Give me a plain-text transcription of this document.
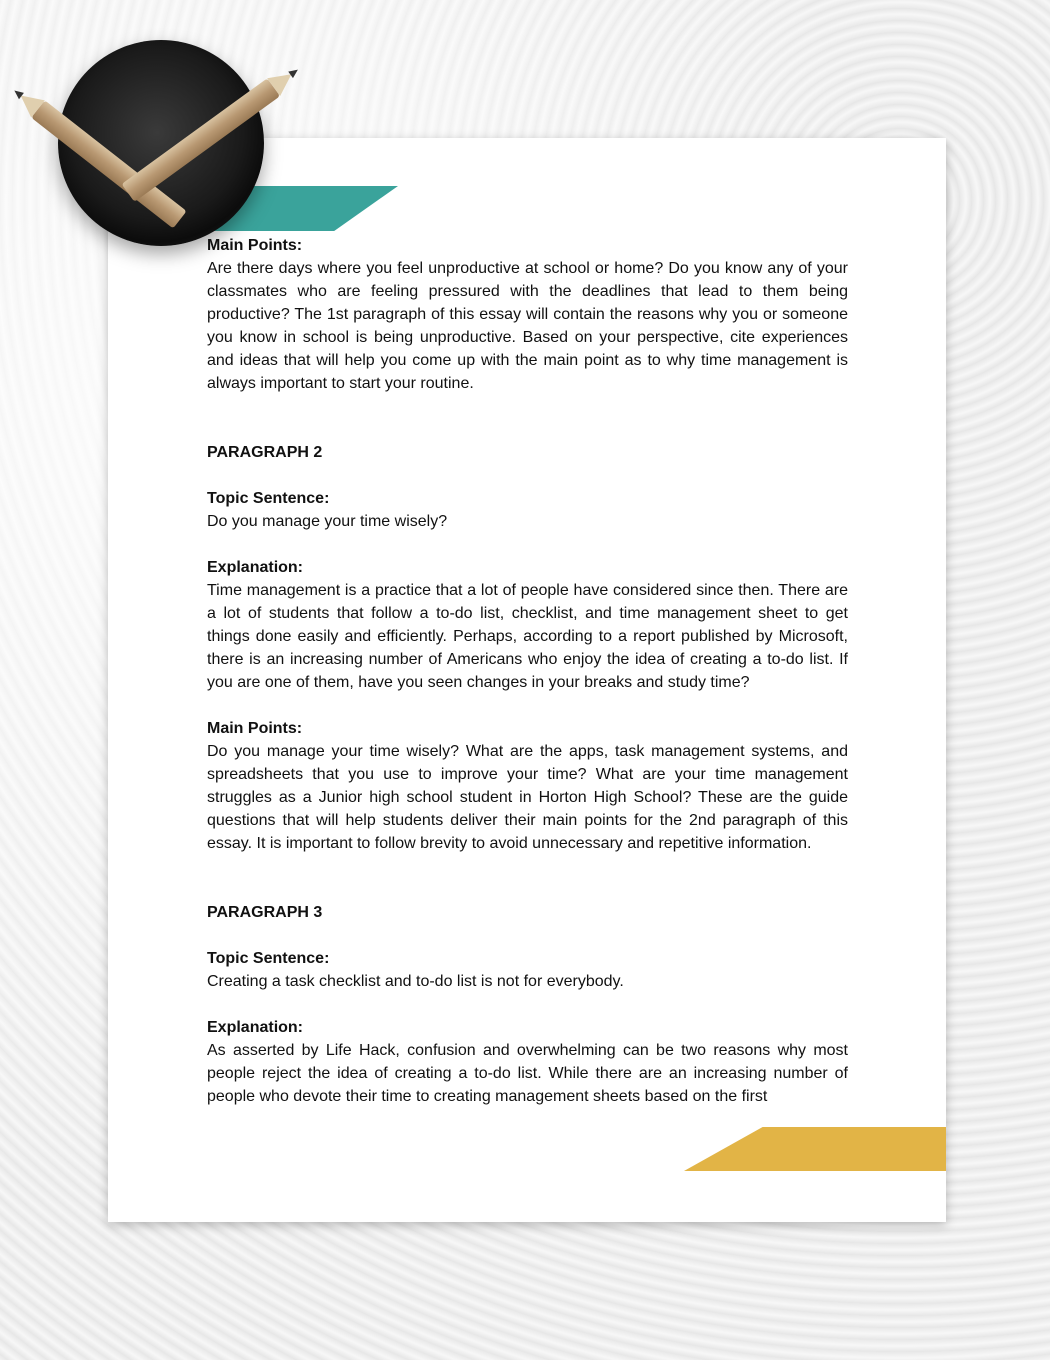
Main Points:

Are there days where you feel unproductive at school or home? Do you know any of your classmates who are feeling pressured with the deadlines that lead to them being productive? The 1st paragraph of this essay will contain the reasons why you or someone you know in school is being unproductive. Based on your perspective, cite experiences and ideas that will help you come up with the main point as to why time management is always important to start your routine.

PARAGRAPH 2

Topic Sentence:

Do you manage your time wisely?

Explanation:

Time management is a practice that a lot of people have considered since then. There are a lot of students that follow a to-do list, checklist, and time management sheet to get things done easily and efficiently. Perhaps, according to a report published by Microsoft, there is an increasing number of Americans who enjoy the idea of creating a to-do list. If you are one of them, have you seen changes in your breaks and study time?

Main Points:

Do you manage your time wisely? What are the apps, task management systems, and spreadsheets that you use to improve your time? What are your time management struggles as a Junior high school student in Horton High School? These are the guide questions that will help students deliver their main points for the 2nd paragraph of this essay. It is important to follow brevity to avoid unnecessary and repetitive information.

PARAGRAPH 3

Topic Sentence:

Creating a task checklist and to-do list is not for everybody.

Explanation:

As asserted by Life Hack, confusion and overwhelming can be two reasons why most people reject the idea of creating a to-do list. While there are an increasing number of people who devote their time to creating management sheets based on the first
